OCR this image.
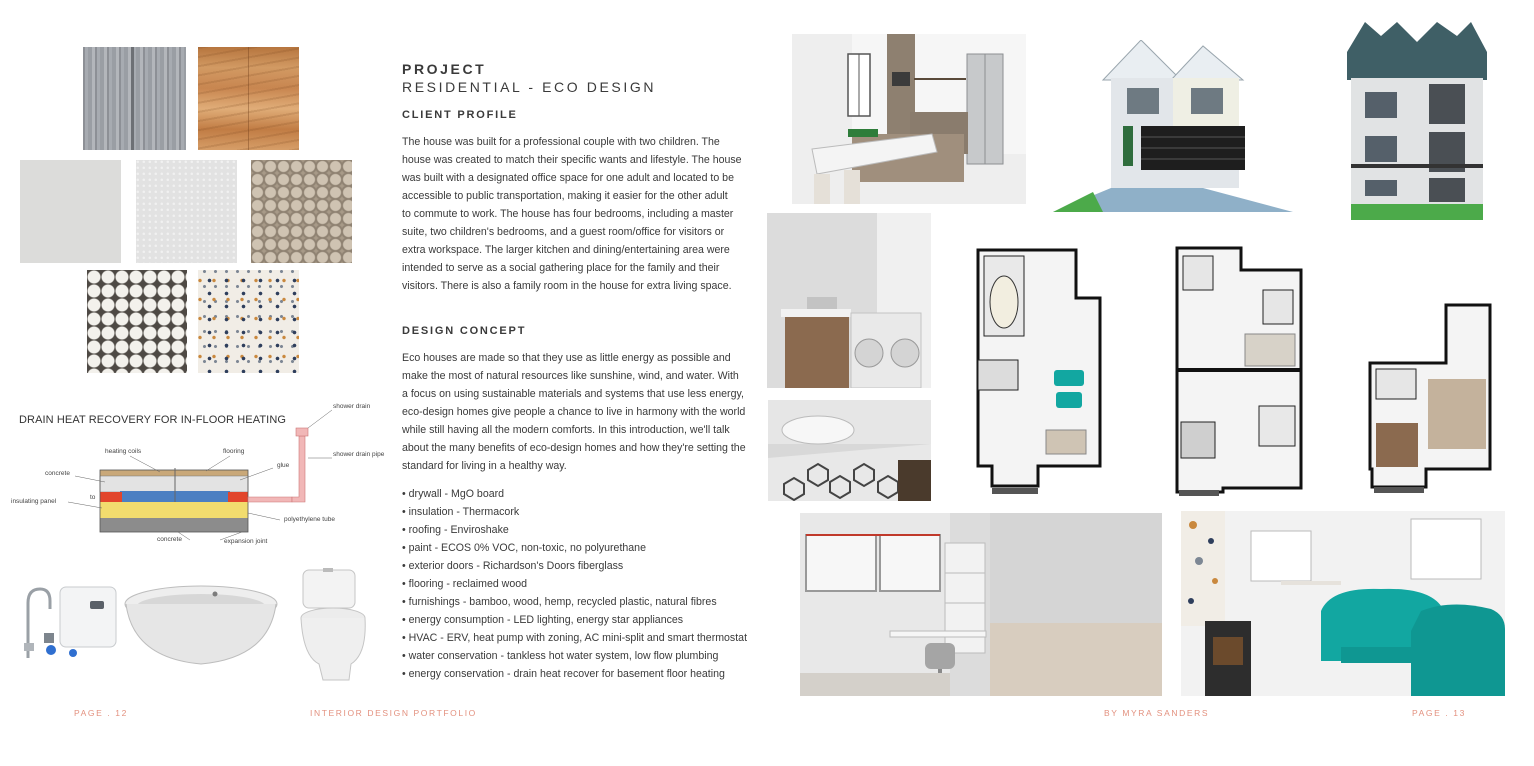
DRAIN HEAT RECOVERY FOR IN-FLOOR HEATING
shower drain
shower drain pipe
heating coils	flooring
glue
concrete
to
insulating panel
polyethylene tube
concrete	expansion joint
PROJECT
RESIDENTIAL - ECO DESIGN
CLIENT PROFILE
The house was built for a professional couple with two children. The
house was created to match their specific wants and lifestyle. The house
was built with a designated office space for one adult and located to be
accessible to public transportation, making it easier for the other adult
to commute to work. The house has four bedrooms, including a master
suite, two children's bedrooms, and a guest room/office for visitors or
extra workspace. The larger kitchen and dining/entertaining area were
intended to serve as a social gathering place for the family and their
visitors. There is also a family room in the house for extra living space.
DESIGN CONCEPT
Eco houses are made so that they use as little energy as possible and
make the most of natural resources like sunshine, wind, and water. With
a focus on using sustainable materials and systems that use less energy,
eco-design homes give people a chance to live in harmony with the world
while still having all the modern comforts. In this introduction, we'll talk
about the many benefits of eco-design homes and how they're setting the
standard for living in a healthy way.
• drywall - MgO board
• insulation - Thermacork
• roofing - Enviroshake
• paint - ECOS 0% VOC, non-toxic, no polyurethane
• exterior doors - Richardson's Doors fiberglass
• flooring - reclaimed wood
• furnishings - bamboo, wood, hemp, recycled plastic, natural fibres
• energy consumption - LED lighting, energy star appliances
• HVAC - ERV, heat pump with zoning, AC mini-split and smart thermostat
• water conservation - tankless hot water system, low flow plumbing
• energy conservation - drain heat recover for basement floor heating
PAGE . 12	INTERIOR DESIGN PORTFOLIO	BY MYRA SANDERS	PAGE . 13
